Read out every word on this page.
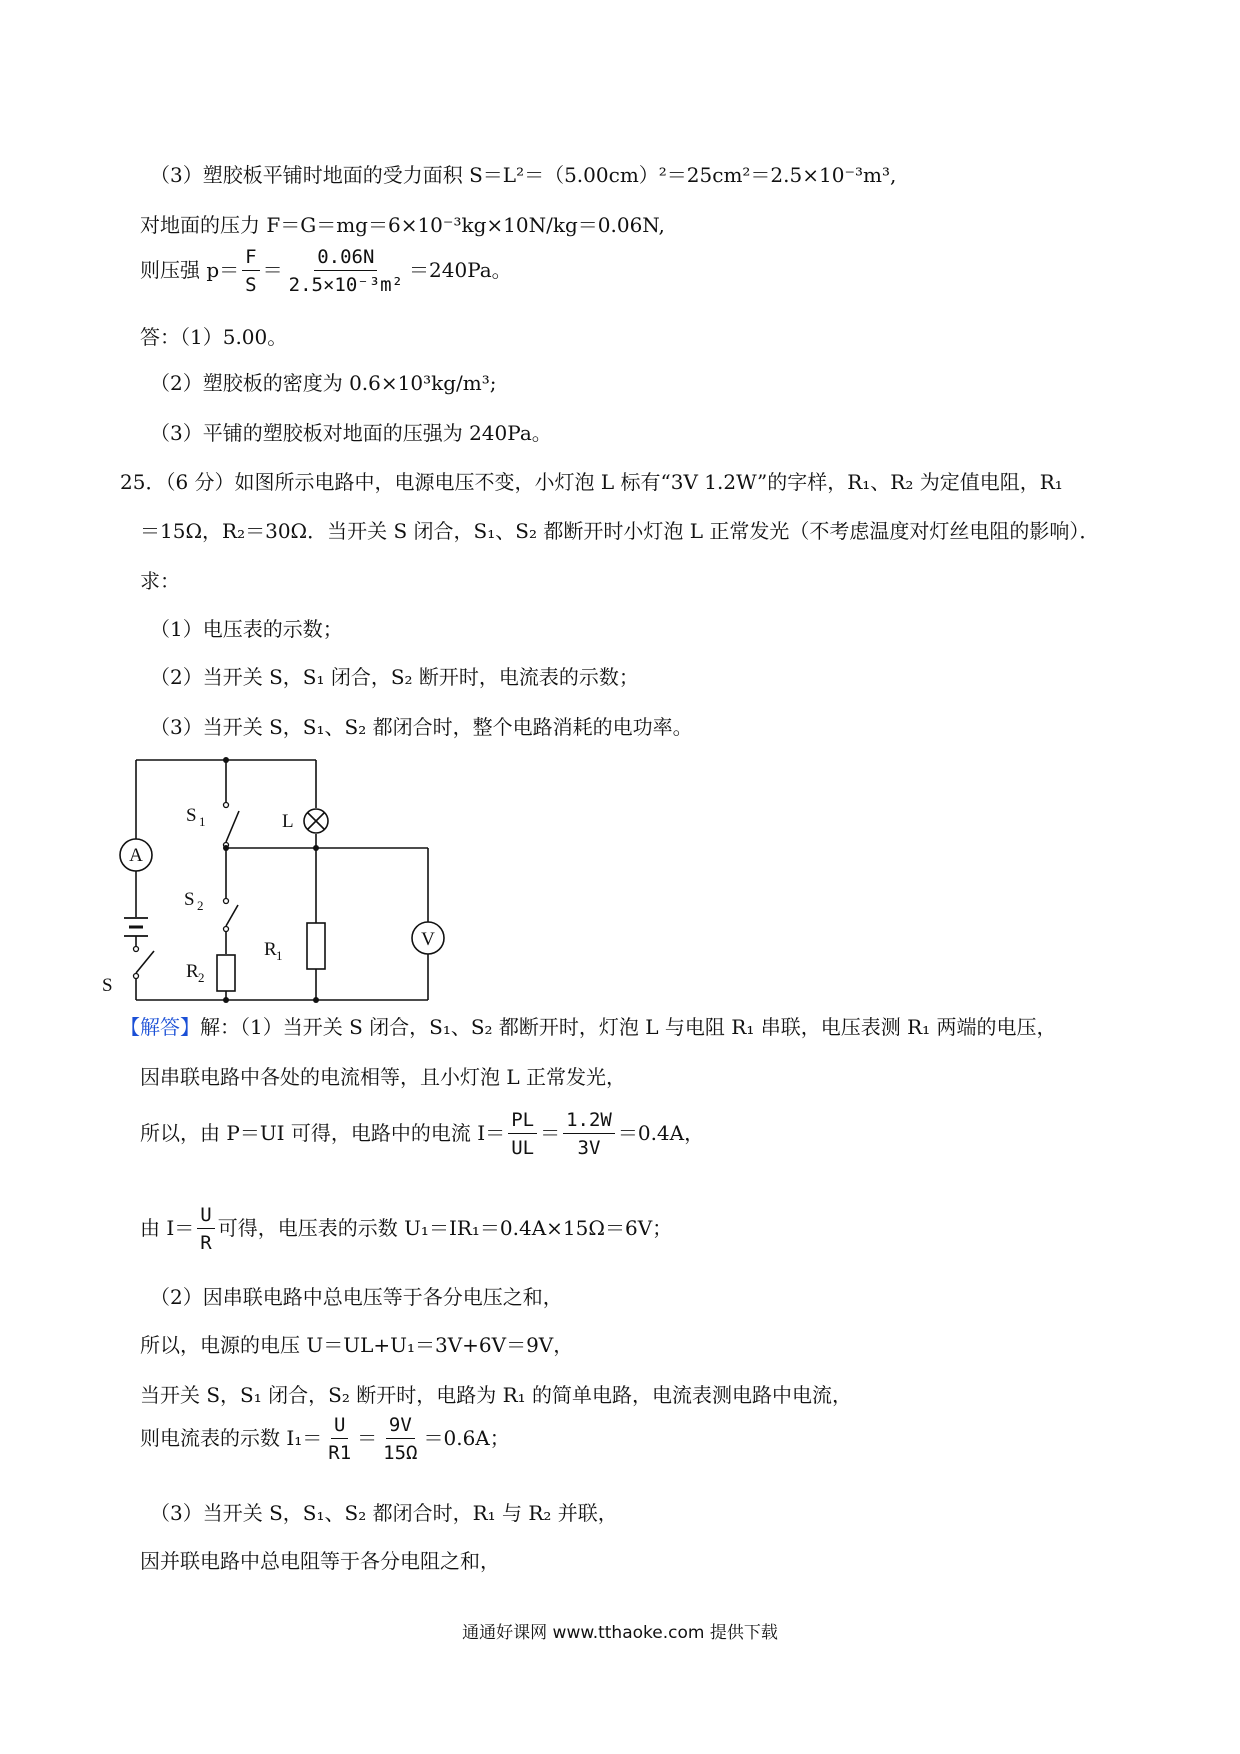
（3）塑胶板平铺时地面的受力面积 S＝L²＝（5.00cm）²＝25cm²＝2.5×10⁻³m³,
对地面的压力 F＝G＝mg＝6×10⁻³kg×10N/kg＝0.06N,
则压强 $p= \frac{F}{S} = \frac{0.06N}{\text{2.5×10⁻³m²}} =240Pa$。
答：（1）5.00。
（2）塑胶板的密度为 0.6×10³kg/m³;
（3）平铺的塑胶板对地面的压强为 240Pa。
25．（6 分）如图所示电路中，电源电压不变，小灯泡 L 标有“3V 1.2W”的字样，R₁、R₂ 为定值电阻，R₁
＝15Ω，R₂＝30Ω．当开关 S 闭合，S₁、S₂ 都断开时小灯泡 L 正常发光（不考虑温度对灯丝电阻的影响）．
求：
（1）电压表的示数；
（2）当开关 S，S₁ 闭合，S₂ 断开时，电流表的示数；
（3）当开关 S，S₁、S₂ 都闭合时，整个电路消耗的电功率。
A
S
S 1
S 2
L
R 2
R 1
V
【解答】解：（1）当开关 S 闭合，S₁、S₂ 都断开时，灯泡 L 与电阻 R₁ 串联，电压表测 R₁ 两端的电压，
因串联电路中各处的电流相等，且小灯泡 L 正常发光，
所以，由 P＝UI 可得，电路中的电流 $I= \frac{PL}{UL} = \frac{1.2W}{3V} =0.4A$，
由 $I= \frac{U}{R}$ 可得，电压表的示数 U₁＝IR₁＝0.4A×15Ω＝6V；
（2）因串联电路中总电压等于各分电压之和，
所以，电源的电压 U＝UL+U₁＝3V+6V＝9V，
当开关 S，S₁ 闭合，S₂ 断开时，电路为 R₁ 的简单电路，电流表测电路中电流，
则电流表的示数 $I_1= \frac{U}{R1} = \frac{9V}{15\Omega} =0.6A$；
（3）当开关 S，S₁、S₂ 都闭合时，R₁ 与 R₂ 并联，
因并联电路中总电阻等于各分电阻之和，
通通好课网 www.tthaoke.com 提供下载
